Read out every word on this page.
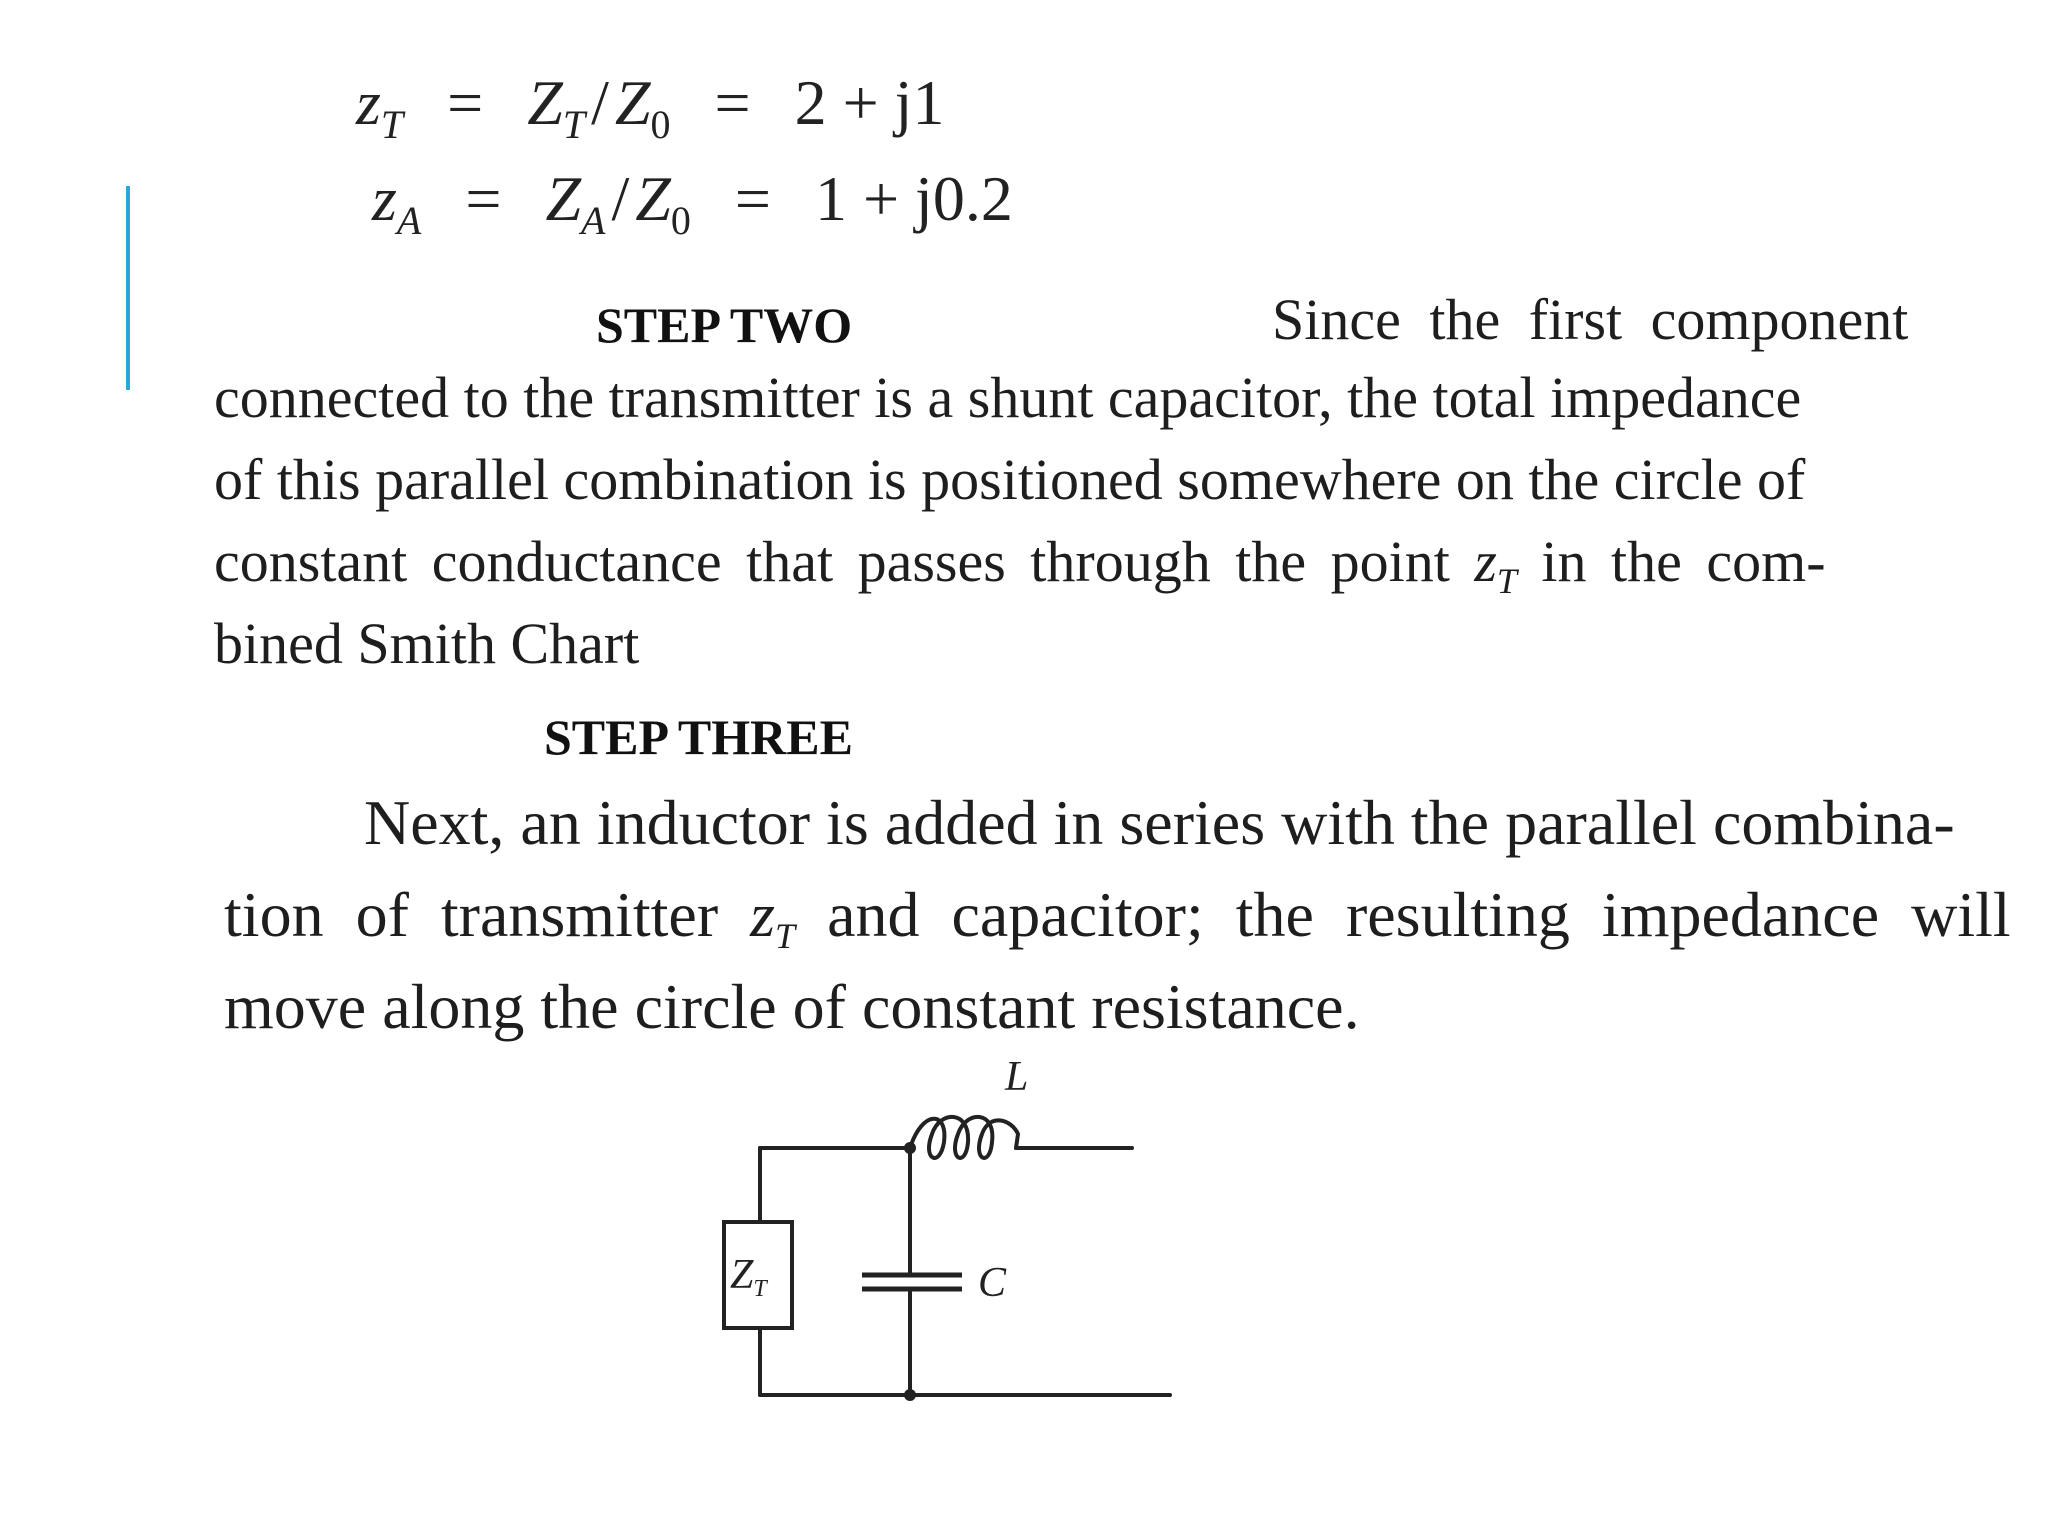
$z_T = Z_T/Z_0 = 2 + j1$
$z_A = Z_A/Z_0 = 1 + j0.2$
STEP TWO	Since the first component
connected to the transmitter is a shunt capacitor, the total impedance
of this parallel combination is positioned somewhere on the circle of
constant conductance that passes through the point $z_T$ in the com-
bined Smith Chart
STEP THREE
Next, an inductor is added in series with the parallel combina-
tion of transmitter $z_T$ and capacitor; the resulting impedance will
move along the circle of constant resistance.
L
C
ZT
